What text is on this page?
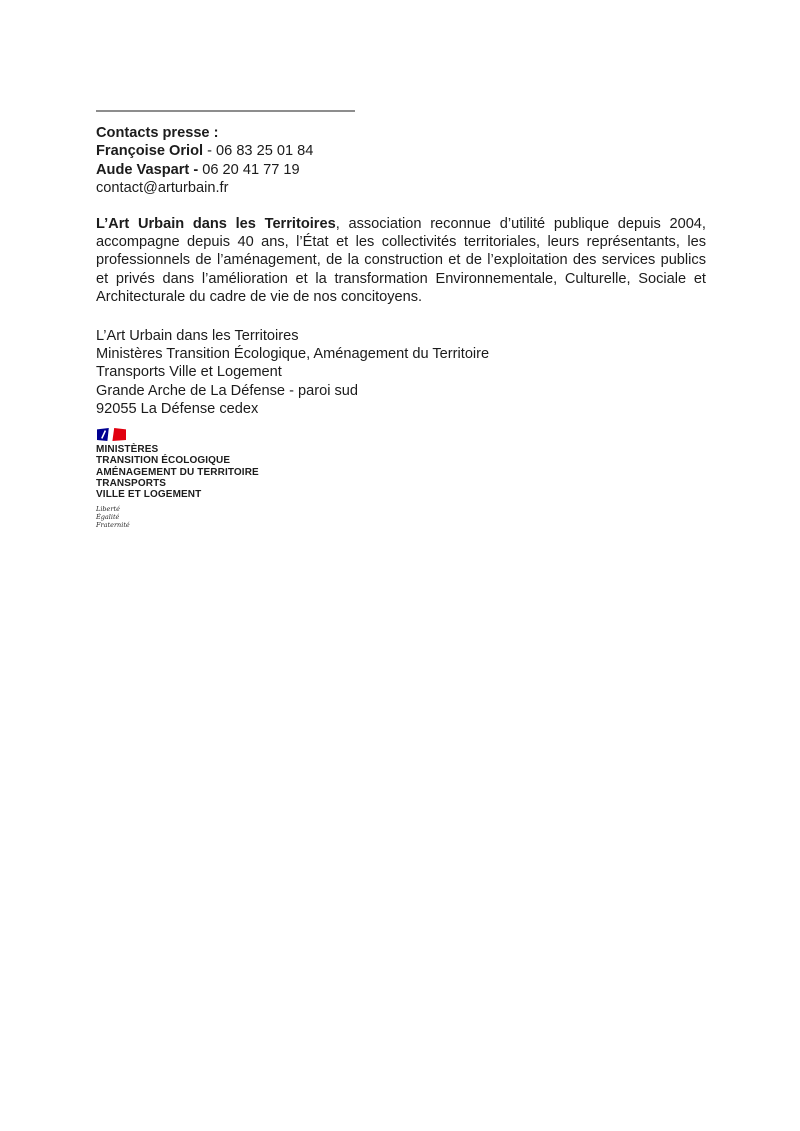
Contacts presse :
Françoise Oriol - 06 83 25 01 84
Aude Vaspart - 06 20 41 77 19
contact@arturbain.fr

L’Art Urbain dans les Territoires, association reconnue d’utilité publique depuis 2004, accompagne depuis 40 ans, l’État et les collectivités territoriales, leurs représentants, les professionnels de l’aménagement, de la construction et de l’exploitation des services publics et privés dans l’amélioration et la transformation Environnementale, Culturelle, Sociale et Architecturale du cadre de vie de nos concitoyens.

L’Art Urbain dans les Territoires
Ministères Transition Écologique, Aménagement du Territoire
Transports Ville et Logement
Grande Arche de La Défense - paroi sud
92055 La Défense cedex
MINISTÈRES
TRANSITION ÉCOLOGIQUE
AMÉNAGEMENT DU TERRITOIRE
TRANSPORTS
VILLE ET LOGEMENT
Liberté
Égalité
Fraternité
